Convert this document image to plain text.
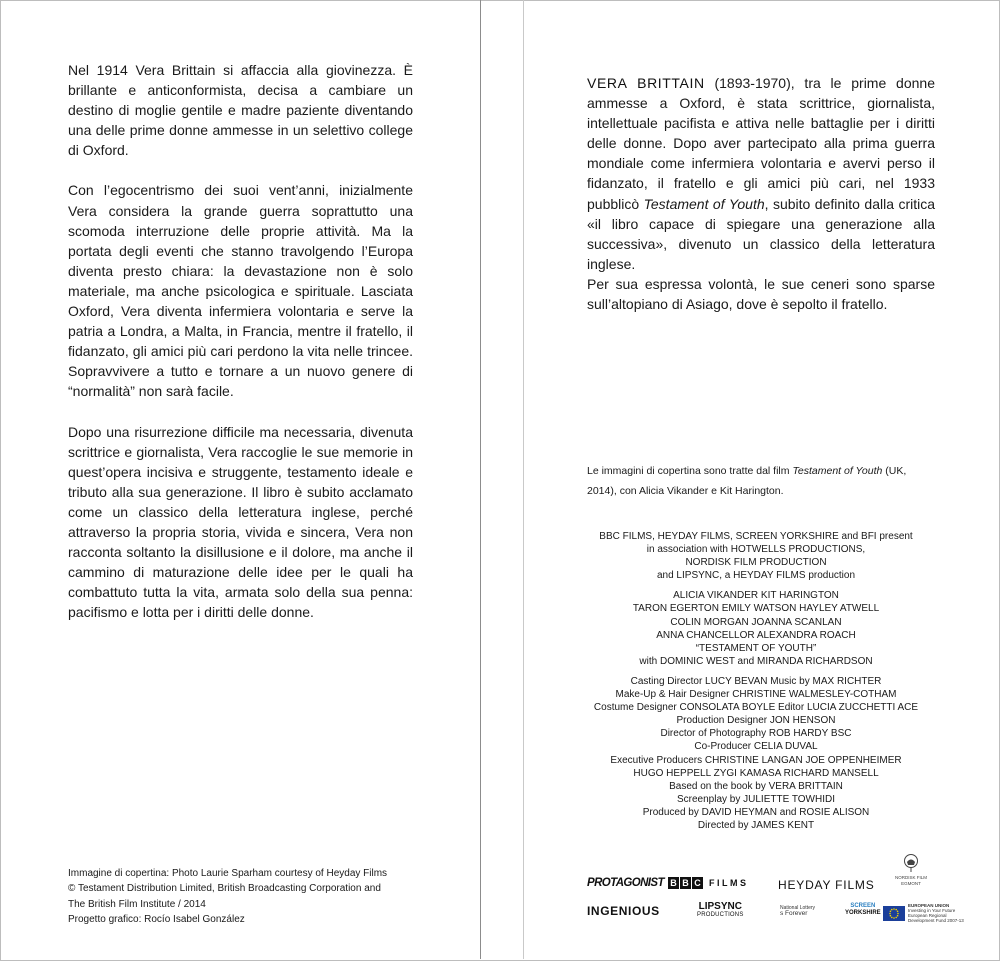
Nel 1914 Vera Brittain si affaccia alla giovinezza. È brillante e anticonformista, decisa a cambiare un destino di moglie gentile e madre paziente diventando una delle prime donne ammesse in un selettivo college di Oxford.

Con l’egocentrismo dei suoi vent’anni, inizialmente Vera considera la grande guerra soprattutto una scomoda interruzione delle proprie attività. Ma la portata degli eventi che stanno travolgendo l’Europa diventa presto chiara: la devastazione non è solo materiale, ma anche psicologica e spirituale. Lasciata Oxford, Vera diventa infermiera volontaria e serve la patria a Londra, a Malta, in Francia, mentre il fratello, il fidanzato, gli amici più cari perdono la vita nelle trincee. Sopravvivere a tutto e tornare a un nuovo genere di “normalità” non sarà facile.

Dopo una risurrezione difficile ma necessaria, divenuta scrittrice e giornalista, Vera raccoglie le sue memorie in quest’opera incisiva e struggente, testamento ideale e tributo alla sua generazione. Il libro è subito acclamato come un classico della letteratura inglese, perché attraverso la propria storia, vivida e sincera, Vera non racconta soltanto la disillusione e il dolore, ma anche il cammino di maturazione delle idee per le quali ha combattuto tutta la vita, armata solo della sua penna: pacifismo e lotta per i diritti delle donne.

Immagine di copertina: Photo Laurie Sparham courtesy of Heyday Films
© Testament Distribution Limited, British Broadcasting Corporation and
The British Film Institute / 2014
Progetto grafico: Rocío Isabel González

VERA BRITTAIN (1893-1970), tra le prime donne ammesse a Oxford, è stata scrittrice, giornalista, intellettuale pacifista e attiva nelle battaglie per i diritti delle donne. Dopo aver partecipato alla prima guerra mondiale come infermiera volontaria e avervi perso il fidanzato, il fratello e gli amici più cari, nel 1933 pubblicò Testament of Youth, subito definito dalla critica «il libro capace di spiegare una generazione alla successiva», divenuto un classico della letteratura inglese.

Per sua espressa volontà, le sue ceneri sono sparse sull’altopiano di Asiago, dove è sepolto il fratello.

Le immagini di copertina sono tratte dal film Testament of Youth (UK, 2014), con Alicia Vikander e Kit Harington.
BBC FILMS, HEYDAY FILMS, SCREEN YORKSHIRE and BFI present
in association with HOTWELLS PRODUCTIONS,
NORDISK FILM PRODUCTION
and LIPSYNC, a HEYDAY FILMS production
ALICIA VIKANDER KIT HARINGTON
TARON EGERTON EMILY WATSON HAYLEY ATWELL
COLIN MORGAN JOANNA SCANLAN
ANNA CHANCELLOR ALEXANDRA ROACH
“TESTAMENT OF YOUTH”
with DOMINIC WEST and MIRANDA RICHARDSON
Casting Director LUCY BEVAN Music by MAX RICHTER
Make-Up & Hair Designer CHRISTINE WALMESLEY-COTHAM
Costume Designer CONSOLATA BOYLE Editor LUCIA ZUCCHETTI ACE
Production Designer JON HENSON
Director of Photography ROB HARDY BSC
Co-Producer CELIA DUVAL
Executive Producers CHRISTINE LANGAN JOE OPPENHEIMER
HUGO HEPPELL ZYGI KAMASA RICHARD MANSELL
Based on the book by VERA BRITTAIN
Screenplay by JULIETTE TOWHIDI
Produced by DAVID HEYMAN and ROSIE ALISON
Directed by JAMES KENT
PROTAGONIST B B C FILMS HEYDAY FILMS
NORDISK FILM
EGMONT
INGENIOUS	LIPSYNC
PRODUCTIONS
National Lottery
s Forever
SCREEN
YORKSHIRE
EUROPEAN UNION
Investing in Your Future
European Regional
Development Fund 2007-13
